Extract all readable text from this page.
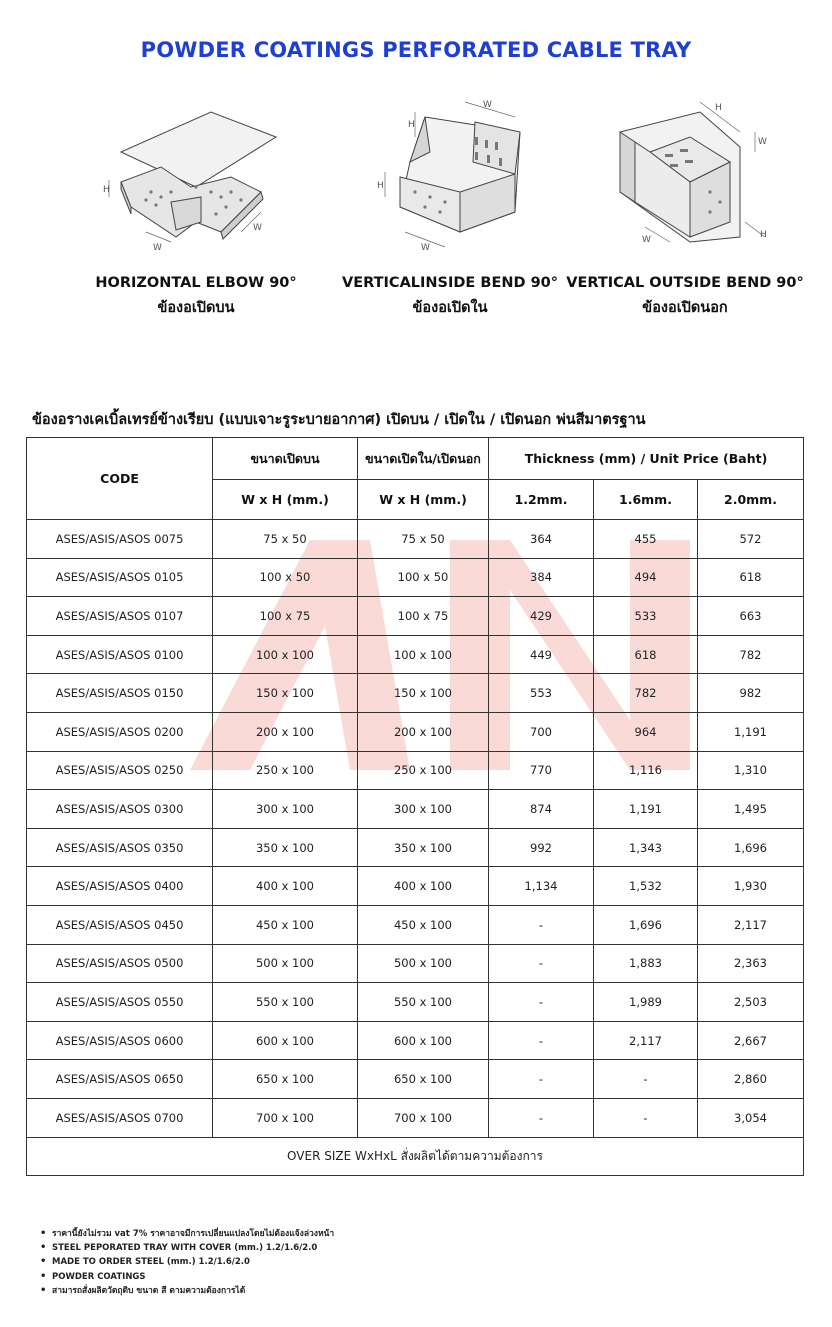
POWDER COATINGS PERFORATED CABLE TRAY
H
W
W
HORIZONTAL ELBOW 90°
ข้องอเปิดบน
H
W
H
W
VERTICALINSIDE BEND 90°
ข้องอเปิดใน
H
W
W	H
VERTICAL OUTSIDE BEND 90°
ข้องอเปิดนอก
ข้องอรางเคเบิ้ลเทรย์ข้างเรียบ (แบบเจาะรูระบายอากาศ) เปิดบน / เปิดใน / เปิดนอก พ่นสีมาตรฐาน
CODE	ขนาดเปิดบน	ขนาดเปิดใน/เปิดนอก	Thickness (mm) / Unit Price (Baht)		
	W x H (mm.)	W x H (mm.)	1.2mm.	1.6mm.	2.0mm.
ASES/ASIS/ASOS 0075	75 x 50	75 x 50	364	455	572
ASES/ASIS/ASOS 0105	100 x 50	100 x 50	384	494	618
ASES/ASIS/ASOS 0107	100 x 75	100 x 75	429	533	663
ASES/ASIS/ASOS 0100	100 x 100	100 x 100	449	618	782
ASES/ASIS/ASOS 0150	150 x 100	150 x 100	553	782	982
ASES/ASIS/ASOS 0200	200 x 100	200 x 100	700	964	1,191
ASES/ASIS/ASOS 0250	250 x 100	250 x 100	770	1,116	1,310
ASES/ASIS/ASOS 0300	300 x 100	300 x 100	874	1,191	1,495
ASES/ASIS/ASOS 0350	350 x 100	350 x 100	992	1,343	1,696
ASES/ASIS/ASOS 0400	400 x 100	400 x 100	1,134	1,532	1,930
ASES/ASIS/ASOS 0450	450 x 100	450 x 100	-	1,696	2,117
ASES/ASIS/ASOS 0500	500 x 100	500 x 100	-	1,883	2,363
ASES/ASIS/ASOS 0550	550 x 100	550 x 100	-	1,989	2,503
ASES/ASIS/ASOS 0600	600 x 100	600 x 100	-	2,117	2,667
ASES/ASIS/ASOS 0650	650 x 100	650 x 100	-	-	2,860
ASES/ASIS/ASOS 0700	700 x 100	700 x 100	-	-	3,054
OVER SIZE WxHxL สั่งผลิตได้ตามความต้องการ					
• ราคานี้ยังไม่รวม vat 7% ราคาอาจมีการเปลี่ยนแปลงโดยไม่ต้องแจ้งล่วงหน้า
• STEEL PEPORATED TRAY WITH COVER (mm.) 1.2/1.6/2.0
• MADE TO ORDER STEEL (mm.) 1.2/1.6/2.0
• POWDER COATINGS
• สามารถสั่งผลิตวัตถุดิบ ขนาด สี ตามความต้องการได้
